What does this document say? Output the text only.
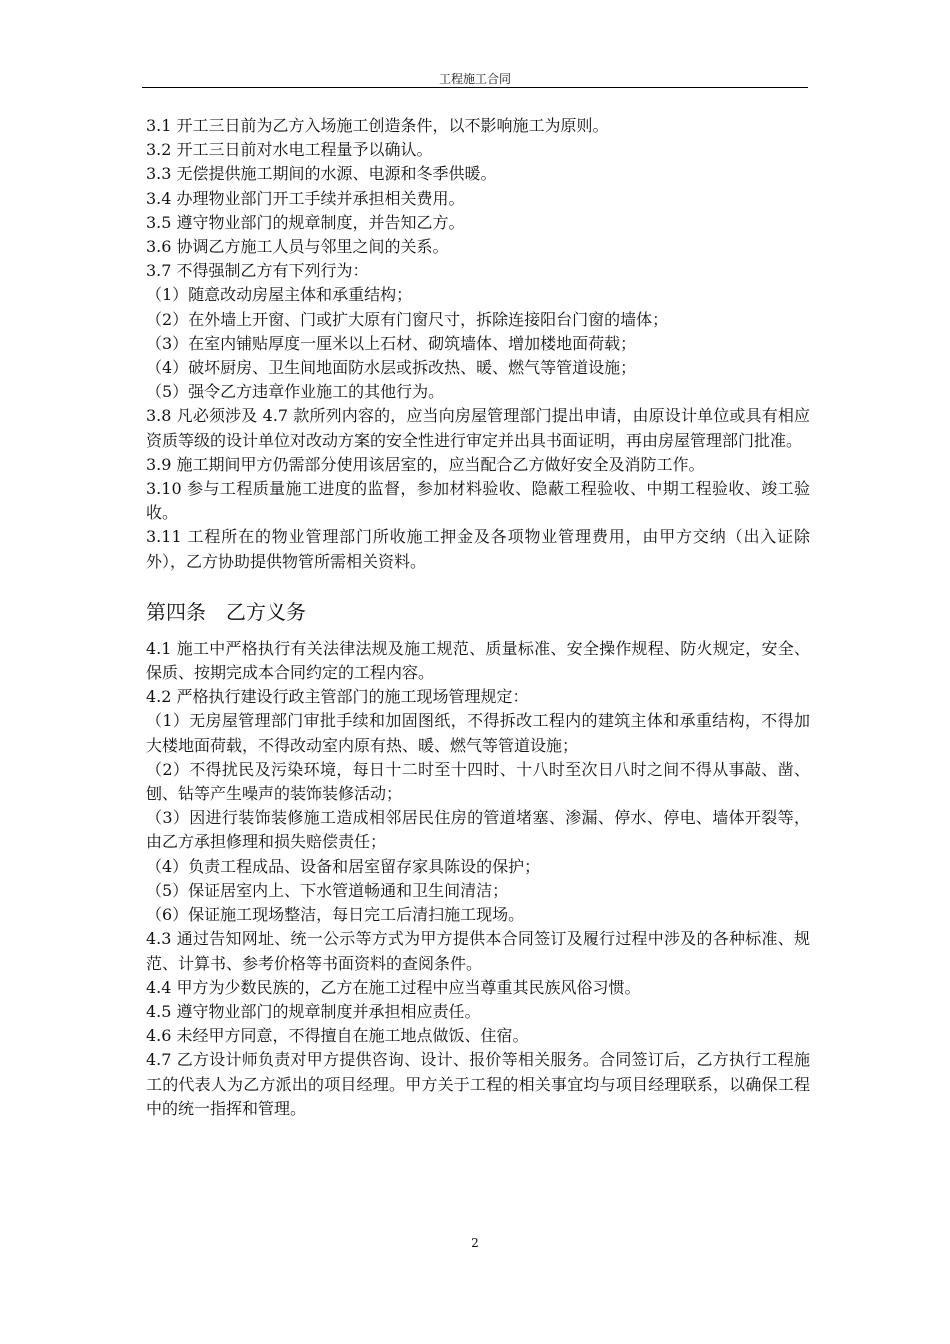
工程施工合同

3.1 开工三日前为乙方入场施工创造条件，以不影响施工为原则。

3.2 开工三日前对水电工程量予以确认。

3.3 无偿提供施工期间的水源、电源和冬季供暖。

3.4 办理物业部门开工手续并承担相关费用。

3.5 遵守物业部门的规章制度，并告知乙方。

3.6 协调乙方施工人员与邻里之间的关系。

3.7 不得强制乙方有下列行为：

（1）随意改动房屋主体和承重结构；

（2）在外墙上开窗、门或扩大原有门窗尺寸，拆除连接阳台门窗的墙体；

（3）在室内铺贴厚度一厘米以上石材、砌筑墙体、增加楼地面荷载；

（4）破坏厨房、卫生间地面防水层或拆改热、暖、燃气等管道设施；

（5）强令乙方违章作业施工的其他行为。

3.8 凡必须涉及 4.7 款所列内容的，应当向房屋管理部门提出申请，由原设计单位或具有相应资质等级的设计单位对改动方案的安全性进行审定并出具书面证明，再由房屋管理部门批准。

3.9 施工期间甲方仍需部分使用该居室的，应当配合乙方做好安全及消防工作。

3.10 参与工程质量施工进度的监督，参加材料验收、隐蔽工程验收、中期工程验收、竣工验收。

3.11 工程所在的物业管理部门所收施工押金及各项物业管理费用，由甲方交纳（出入证除外），乙方协助提供物管所需相关资料。

第四条　乙方义务

4.1 施工中严格执行有关法律法规及施工规范、质量标准、安全操作规程、防火规定，安全、保质、按期完成本合同约定的工程内容。

4.2 严格执行建设行政主管部门的施工现场管理规定：

（1）无房屋管理部门审批手续和加固图纸，不得拆改工程内的建筑主体和承重结构，不得加大楼地面荷载，不得改动室内原有热、暖、燃气等管道设施；

（2）不得扰民及污染环境，每日十二时至十四时、十八时至次日八时之间不得从事敲、凿、刨、钻等产生噪声的装饰装修活动；

（3）因进行装饰装修施工造成相邻居民住房的管道堵塞、渗漏、停水、停电、墙体开裂等，由乙方承担修理和损失赔偿责任；

（4）负责工程成品、设备和居室留存家具陈设的保护；

（5）保证居室内上、下水管道畅通和卫生间清洁；

（6）保证施工现场整洁，每日完工后清扫施工现场。

4.3 通过告知网址、统一公示等方式为甲方提供本合同签订及履行过程中涉及的各种标准、规范、计算书、参考价格等书面资料的查阅条件。

4.4 甲方为少数民族的，乙方在施工过程中应当尊重其民族风俗习惯。

4.5 遵守物业部门的规章制度并承担相应责任。

4.6 未经甲方同意，不得擅自在施工地点做饭、住宿。

4.7 乙方设计师负责对甲方提供咨询、设计、报价等相关服务。合同签订后，乙方执行工程施工的代表人为乙方派出的项目经理。甲方关于工程的相关事宜均与项目经理联系，以确保工程中的统一指挥和管理。

2
